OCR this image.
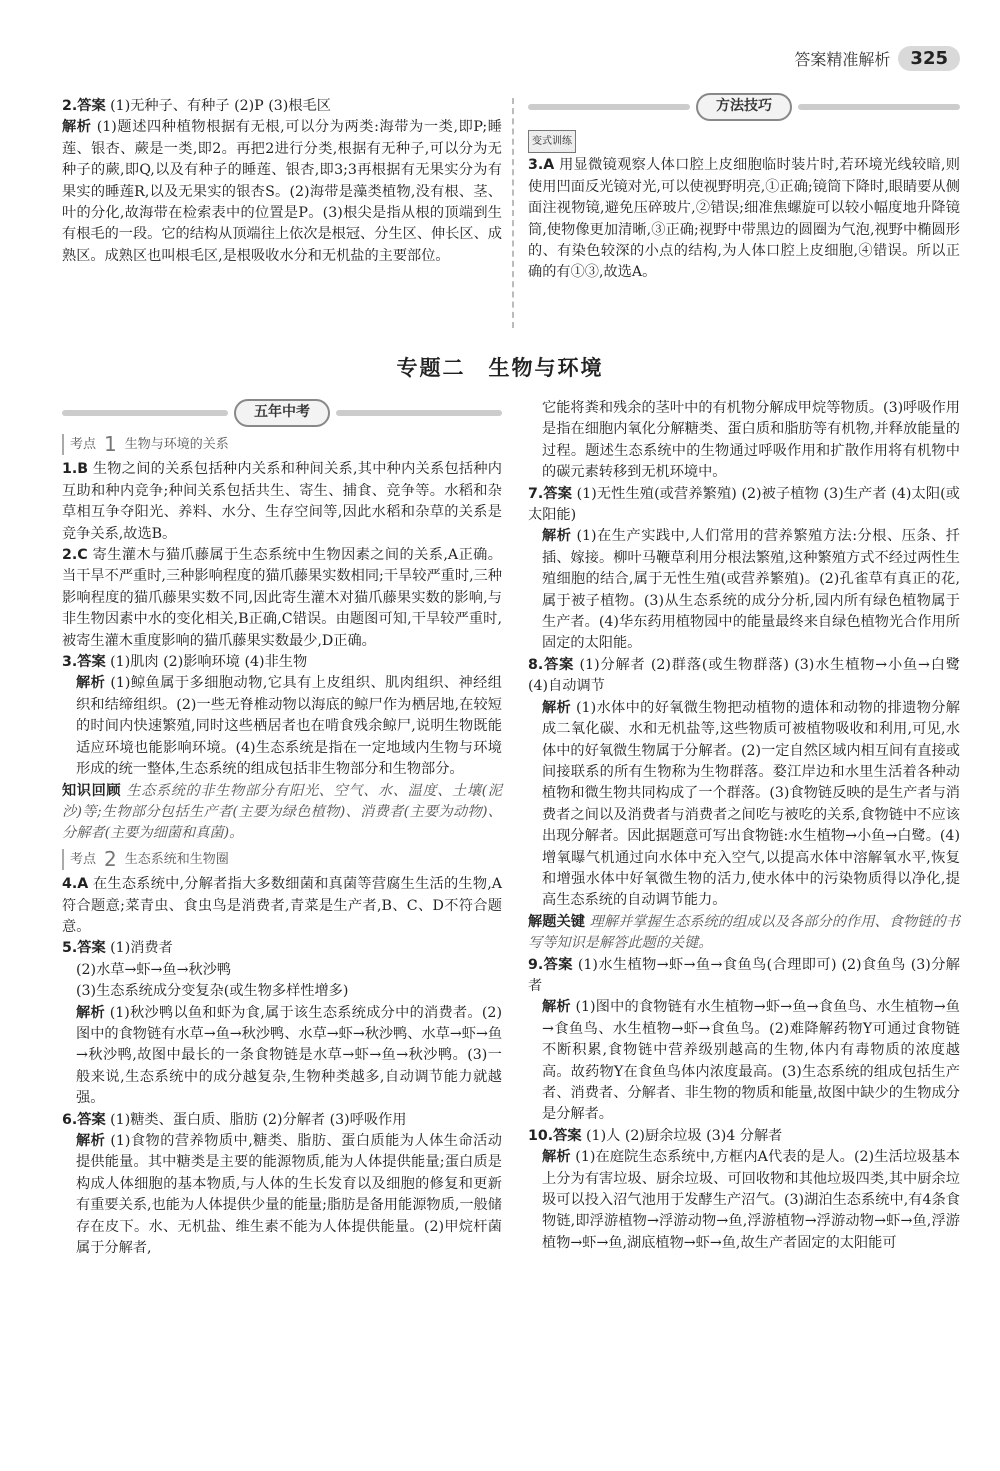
答案精准解析	325

2.答案 (1)无种子、有种子 (2)P (3)根毛区

解析 (1)题述四种植物根据有无根,可以分为两类:海带为一类,即P;睡莲、银杏、蕨是一类,即2。再把2进行分类,根据有无种子,可以分为无种子的蕨,即Q,以及有种子的睡莲、银杏,即3;3再根据有无果实分为有果实的睡莲R,以及无果实的银杏S。(2)海带是藻类植物,没有根、茎、叶的分化,故海带在检索表中的位置是P。(3)根尖是指从根的顶端到生有根毛的一段。它的结构从顶端往上依次是根冠、分生区、伸长区、成熟区。成熟区也叫根毛区,是根吸收水分和无机盐的主要部位。

方法技巧
变式训练

3.A 用显微镜观察人体口腔上皮细胞临时装片时,若环境光线较暗,则使用凹面反光镜对光,可以使视野明亮,①正确;镜筒下降时,眼睛要从侧面注视物镜,避免压碎玻片,②错误;细准焦螺旋可以较小幅度地升降镜筒,使物像更加清晰,③正确;视野中带黑边的圆圈为气泡,视野中椭圆形的、有染色较深的小点的结构,为人体口腔上皮细胞,④错误。所以正确的有①③,故选A。

专题二　生物与环境
五年中考
考点 1 生物与环境的关系

1.B 生物之间的关系包括种内关系和种间关系,其中种内关系包括种内互助和种内竞争;种间关系包括共生、寄生、捕食、竞争等。水稻和杂草相互争夺阳光、养料、水分、生存空间等,因此水稻和杂草的关系是竞争关系,故选B。

2.C 寄生灌木与猫爪藤属于生态系统中生物因素之间的关系,A正确。当干旱不严重时,三种影响程度的猫爪藤果实数相同;干旱较严重时,三种影响程度的猫爪藤果实数不同,因此寄生灌木对猫爪藤果实数的影响,与非生物因素中水的变化相关,B正确,C错误。由题图可知,干旱较严重时,被寄生灌木重度影响的猫爪藤果实数最少,D正确。

3.答案 (1)肌肉 (2)影响环境 (4)非生物

解析 (1)鲸鱼属于多细胞动物,它具有上皮组织、肌肉组织、神经组织和结缔组织。(2)一些无脊椎动物以海底的鲸尸作为栖居地,在较短的时间内快速繁殖,同时这些栖居者也在啃食残余鲸尸,说明生物既能适应环境也能影响环境。(4)生态系统是指在一定地域内生物与环境形成的统一整体,生态系统的组成包括非生物部分和生物部分。

知识回顾 生态系统的非生物部分有阳光、空气、水、温度、土壤(泥沙)等;生物部分包括生产者(主要为绿色植物)、消费者(主要为动物)、分解者(主要为细菌和真菌)。

考点 2 生态系统和生物圈

4.A 在生态系统中,分解者指大多数细菌和真菌等营腐生生活的生物,A符合题意;菜青虫、食虫鸟是消费者,青菜是生产者,B、C、D不符合题意。

5.答案 (1)消费者

(2)水草→虾→鱼→秋沙鸭

(3)生态系统成分变复杂(或生物多样性增多)

解析 (1)秋沙鸭以鱼和虾为食,属于该生态系统成分中的消费者。(2)图中的食物链有水草→鱼→秋沙鸭、水草→虾→秋沙鸭、水草→虾→鱼→秋沙鸭,故图中最长的一条食物链是水草→虾→鱼→秋沙鸭。(3)一般来说,生态系统中的成分越复杂,生物种类越多,自动调节能力就越强。

6.答案 (1)糖类、蛋白质、脂肪 (2)分解者 (3)呼吸作用

解析 (1)食物的营养物质中,糖类、脂肪、蛋白质能为人体生命活动提供能量。其中糖类是主要的能源物质,能为人体提供能量;蛋白质是构成人体细胞的基本物质,与人体的生长发育以及细胞的修复和更新有重要关系,也能为人体提供少量的能量;脂肪是备用能源物质,一般储存在皮下。水、无机盐、维生素不能为人体提供能量。(2)甲烷杆菌属于分解者,

它能将粪和残余的茎叶中的有机物分解成甲烷等物质。(3)呼吸作用是指在细胞内氧化分解糖类、蛋白质和脂肪等有机物,并释放能量的过程。题述生态系统中的生物通过呼吸作用和扩散作用将有机物中的碳元素转移到无机环境中。

7.答案 (1)无性生殖(或营养繁殖) (2)被子植物 (3)生产者 (4)太阳(或太阳能)

解析 (1)在生产实践中,人们常用的营养繁殖方法:分根、压条、扦插、嫁接。柳叶马鞭草利用分根法繁殖,这种繁殖方式不经过两性生殖细胞的结合,属于无性生殖(或营养繁殖)。(2)孔雀草有真正的花,属于被子植物。(3)从生态系统的成分分析,园内所有绿色植物属于生产者。(4)华东药用植物园中的能量最终来自绿色植物光合作用所固定的太阳能。

8.答案 (1)分解者 (2)群落(或生物群落) (3)水生植物→小鱼→白鹭 (4)自动调节

解析 (1)水体中的好氧微生物把动植物的遗体和动物的排遗物分解成二氧化碳、水和无机盐等,这些物质可被植物吸收和利用,可见,水体中的好氧微生物属于分解者。(2)一定自然区域内相互间有直接或间接联系的所有生物称为生物群落。婺江岸边和水里生活着各种动植物和微生物共同构成了一个群落。(3)食物链反映的是生产者与消费者之间以及消费者与消费者之间吃与被吃的关系,食物链中不应该出现分解者。因此据题意可写出食物链:水生植物→小鱼→白鹭。(4)增氧曝气机通过向水体中充入空气,以提高水体中溶解氧水平,恢复和增强水体中好氧微生物的活力,使水体中的污染物质得以净化,提高生态系统的自动调节能力。

解题关键 理解并掌握生态系统的组成以及各部分的作用、食物链的书写等知识是解答此题的关键。

9.答案 (1)水生植物→虾→鱼→食鱼鸟(合理即可) (2)食鱼鸟 (3)分解者

解析 (1)图中的食物链有水生植物→虾→鱼→食鱼鸟、水生植物→鱼→食鱼鸟、水生植物→虾→食鱼鸟。(2)难降解药物Y可通过食物链不断积累,食物链中营养级别越高的生物,体内有毒物质的浓度越高。故药物Y在食鱼鸟体内浓度最高。(3)生态系统的组成包括生产者、消费者、分解者、非生物的物质和能量,故图中缺少的生物成分是分解者。

10.答案 (1)人 (2)厨余垃圾 (3)4 分解者

解析 (1)在庭院生态系统中,方框内A代表的是人。(2)生活垃圾基本上分为有害垃圾、厨余垃圾、可回收物和其他垃圾四类,其中厨余垃圾可以投入沼气池用于发酵生产沼气。(3)湖泊生态系统中,有4条食物链,即浮游植物→浮游动物→鱼,浮游植物→浮游动物→虾→鱼,浮游植物→虾→鱼,湖底植物→虾→鱼,故生产者固定的太阳能可
